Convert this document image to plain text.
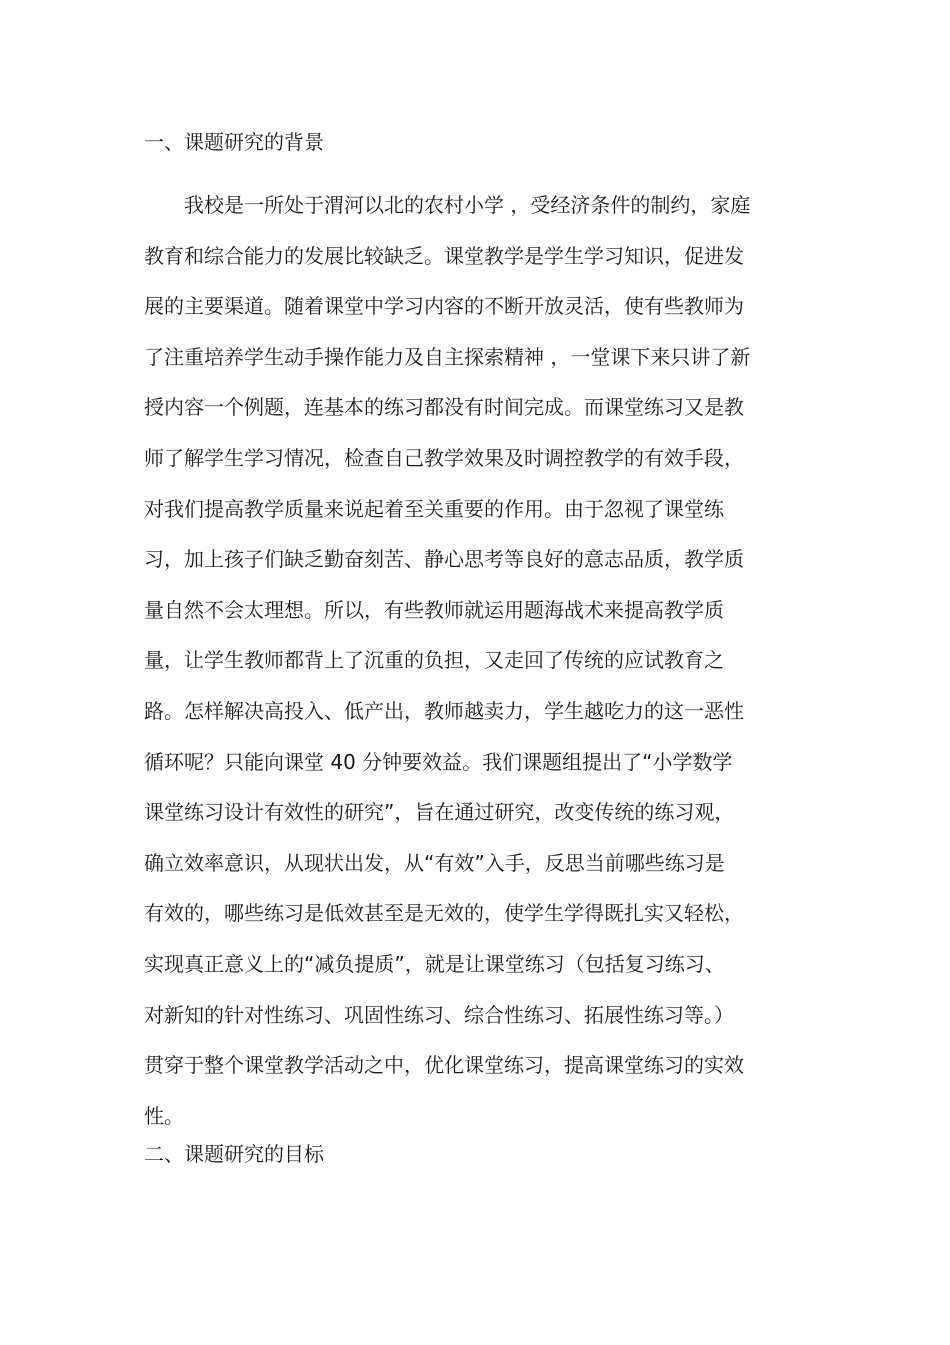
一、课题研究的背景
　　我校是一所处于渭河以北的农村小学 ，受经济条件的制约，家庭
教育和综合能力的发展比较缺乏。课堂教学是学生学习知识，促进发
展的主要渠道。随着课堂中学习内容的不断开放灵活，使有些教师为
了注重培养学生动手操作能力及自主探索精神 ，一堂课下来只讲了新
授内容一个例题，连基本的练习都没有时间完成。而课堂练习又是教
师了解学生学习情况，检查自己教学效果及时调控教学的有效手段，
对我们提高教学质量来说起着至关重要的作用。由于忽视了课堂练
习，加上孩子们缺乏勤奋刻苦、静心思考等良好的意志品质，教学质
量自然不会太理想。所以，有些教师就运用题海战术来提高教学质
量，让学生教师都背上了沉重的负担，又走回了传统的应试教育之
路。怎样解决高投入、低产出，教师越卖力，学生越吃力的这一恶性
循环呢？只能向课堂 40 分钟要效益。我们课题组提出了“小学数学
课堂练习设计有效性的研究”，旨在通过研究，改变传统的练习观，
确立效率意识，从现状出发，从“有效”入手，反思当前哪些练习是
有效的，哪些练习是低效甚至是无效的，使学生学得既扎实又轻松，
实现真正意义上的“减负提质”，就是让课堂练习（包括复习练习、
对新知的针对性练习、巩固性练习、综合性练习、拓展性练习等。）
贯穿于整个课堂教学活动之中，优化课堂练习，提高课堂练习的实效
性。
二、课题研究的目标
